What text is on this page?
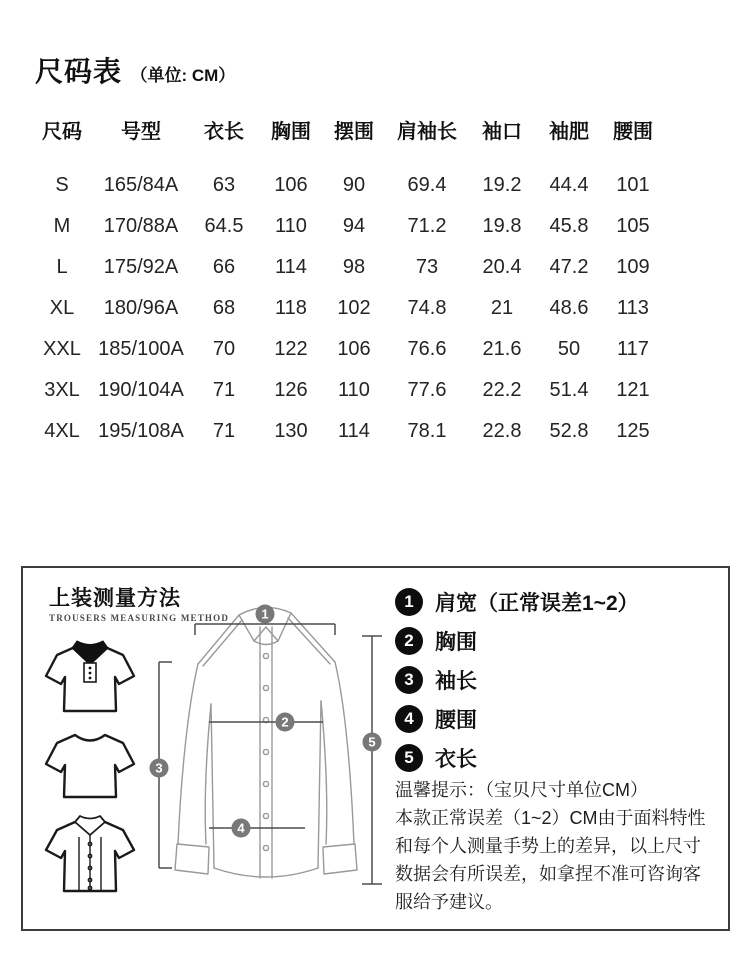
尺码表 （单位: CM）
尺码	号型	衣长	胸围	摆围	肩袖长	袖口	袖肥	腰围
S	165/84A	63	106	90	69.4	19.2	44.4	101
M	170/88A	64.5	110	94	71.2	19.8	45.8	105
L	175/92A	66	114	98	73	20.4	47.2	109
XL	180/96A	68	118	102	74.8	21	48.6	113
XXL 185/100A	70	122	106	76.6	21.6	50	117
3XL 190/104A	71	126	110	77.6	22.2	51.4	121
4XL 195/108A	71	130	114	78.1	22.8	52.8	125
上装测量方法
TROUSERS MEASURING METHOD 1
2
3
4
5
1	肩宽（正常误差1~2）
2	胸围
3	袖长
4	腰围
5	衣长
温馨提示：（宝贝尺寸单位CM）
本款正常误差（1~2）CM由于面料特性
和每个人测量手势上的差异，以上尺寸
数据会有所误差，如拿捏不准可咨询客
服给予建议。
